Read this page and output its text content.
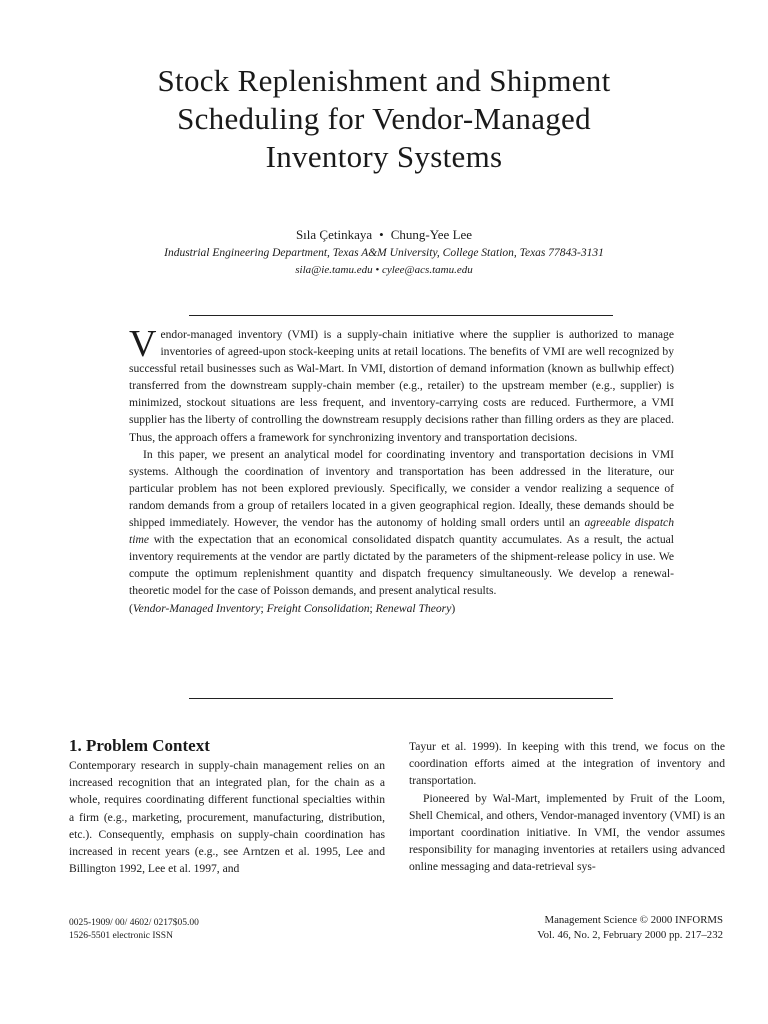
Stock Replenishment and Shipment
Scheduling for Vendor-Managed
Inventory Systems
Sıla Çetinkaya • Chung-Yee Lee
Industrial Engineering Department, Texas A&M University, College Station, Texas 77843-3131
sila@ie.tamu.edu • cylee@acs.tamu.edu

Vendor-managed inventory (VMI) is a supply-chain initiative where the supplier is authorized to manage inventories of agreed-upon stock-keeping units at retail locations. The benefits of VMI are well recognized by successful retail businesses such as Wal-Mart. In VMI, distortion of demand information (known as bullwhip effect) transferred from the downstream supply-chain member (e.g., retailer) to the upstream member (e.g., supplier) is minimized, stockout situations are less frequent, and inventory-carrying costs are reduced. Furthermore, a VMI supplier has the liberty of controlling the downstream resupply decisions rather than filling orders as they are placed. Thus, the approach offers a framework for synchronizing inventory and transportation decisions.

In this paper, we present an analytical model for coordinating inventory and transportation decisions in VMI systems. Although the coordination of inventory and transportation has been addressed in the literature, our particular problem has not been explored previously. Specifically, we consider a vendor realizing a sequence of random demands from a group of retailers located in a given geographical region. Ideally, these demands should be shipped immediately. However, the vendor has the autonomy of holding small orders until an agreeable dispatch time with the expectation that an economical consolidated dispatch quantity accumulates. As a result, the actual inventory requirements at the vendor are partly dictated by the parameters of the shipment-release policy in use. We compute the optimum replenishment quantity and dispatch frequency simultaneously. We develop a renewal-theoretic model for the case of Poisson demands, and present analytical results.

(Vendor-Managed Inventory; Freight Consolidation; Renewal Theory)

1. Problem Context

Contemporary research in supply-chain management relies on an increased recognition that an integrated plan, for the chain as a whole, requires coordinating different functional specialties within a firm (e.g., marketing, procurement, manufacturing, distribution, etc.). Consequently, emphasis on supply-chain coordination has increased in recent years (e.g., see Arntzen et al. 1995, Lee and Billington 1992, Lee et al. 1997, and

Tayur et al. 1999). In keeping with this trend, we focus on the coordination efforts aimed at the integration of inventory and transportation.

Pioneered by Wal-Mart, implemented by Fruit of the Loom, Shell Chemical, and others, Vendor-managed inventory (VMI) is an important coordination initiative. In VMI, the vendor assumes responsibility for managing inventories at retailers using advanced online messaging and data-retrieval sys-

0025-1909/ 00/ 4602/ 0217$05.00
1526-5501 electronic ISSN
Management Science © 2000 INFORMS
Vol. 46, No. 2, February 2000 pp. 217–232
